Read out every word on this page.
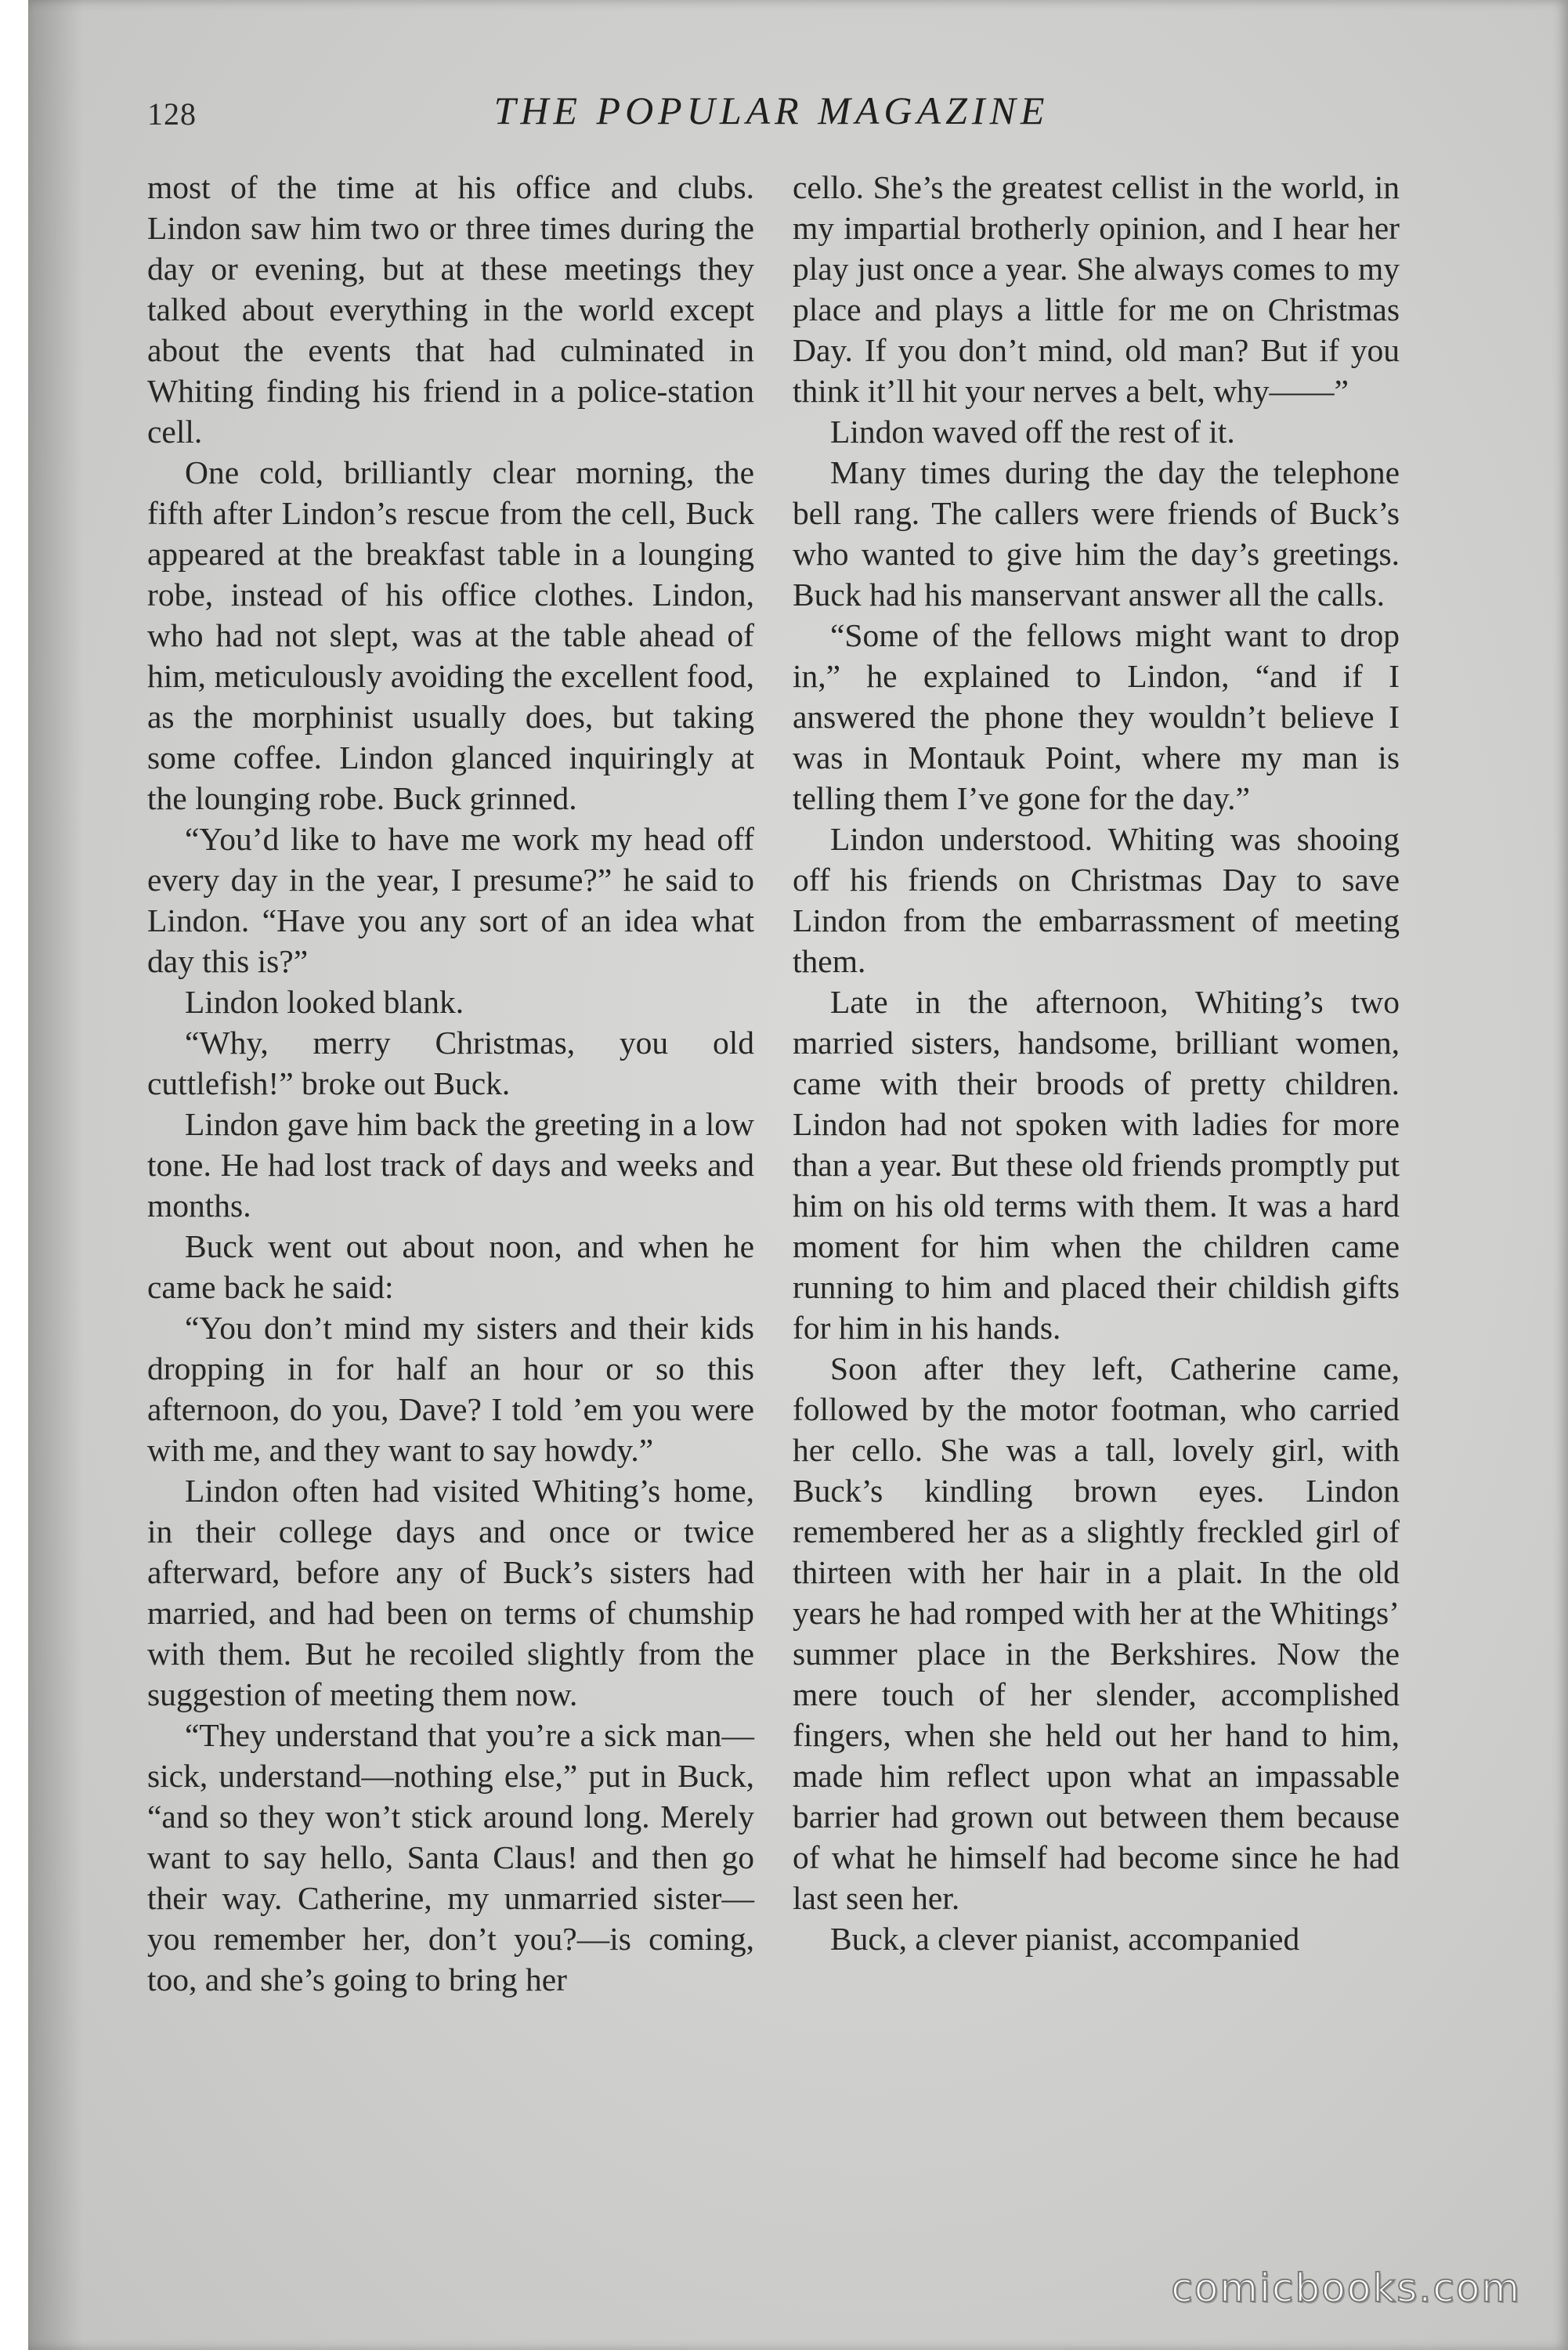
128	THE POPULAR MAGAZINE

most of the time at his office and clubs. Lindon saw him two or three times during the day or evening, but at these meetings they talked about everything in the world except about the events that had culminated in Whiting finding his friend in a police-station cell.

One cold, brilliantly clear morning, the fifth after Lindon’s rescue from the cell, Buck appeared at the breakfast table in a lounging robe, instead of his office clothes. Lindon, who had not slept, was at the table ahead of him, meticulously avoiding the excellent food, as the morphinist usually does, but taking some coffee. Lindon glanced inquiringly at the lounging robe. Buck grinned.

“You’d like to have me work my head off every day in the year, I presume?” he said to Lindon. “Have you any sort of an idea what day this is?”

Lindon looked blank.

“Why, merry Christmas, you old cuttlefish!” broke out Buck.

Lindon gave him back the greeting in a low tone. He had lost track of days and weeks and months.

Buck went out about noon, and when he came back he said:

“You don’t mind my sisters and their kids dropping in for half an hour or so this afternoon, do you, Dave? I told ’em you were with me, and they want to say howdy.”

Lindon often had visited Whiting’s home, in their college days and once or twice afterward, before any of Buck’s sisters had married, and had been on terms of chumship with them. But he recoiled slightly from the suggestion of meeting them now.

“They understand that you’re a sick man—sick, understand—nothing else,” put in Buck, “and so they won’t stick around long. Merely want to say hello, Santa Claus! and then go their way. Catherine, my unmarried sister—you remember her, don’t you?—is coming, too, and she’s going to bring her

cello. She’s the greatest cellist in the world, in my impartial brotherly opinion, and I hear her play just once a year. She always comes to my place and plays a little for me on Christmas Day. If you don’t mind, old man? But if you think it’ll hit your nerves a belt, why——”

Lindon waved off the rest of it.

Many times during the day the telephone bell rang. The callers were friends of Buck’s who wanted to give him the day’s greetings. Buck had his manservant answer all the calls.

“Some of the fellows might want to drop in,” he explained to Lindon, “and if I answered the phone they wouldn’t believe I was in Montauk Point, where my man is telling them I’ve gone for the day.”

Lindon understood. Whiting was shooing off his friends on Christmas Day to save Lindon from the embarrassment of meeting them.

Late in the afternoon, Whiting’s two married sisters, handsome, brilliant women, came with their broods of pretty children. Lindon had not spoken with ladies for more than a year. But these old friends promptly put him on his old terms with them. It was a hard moment for him when the children came running to him and placed their childish gifts for him in his hands.

Soon after they left, Catherine came, followed by the motor footman, who carried her cello. She was a tall, lovely girl, with Buck’s kindling brown eyes. Lindon remembered her as a slightly freckled girl of thirteen with her hair in a plait. In the old years he had romped with her at the Whitings’ summer place in the Berkshires. Now the mere touch of her slender, accomplished fingers, when she held out her hand to him, made him reflect upon what an impassable barrier had grown out between them because of what he himself had become since he had last seen her.

Buck, a clever pianist, accompanied

comicbooks.com
